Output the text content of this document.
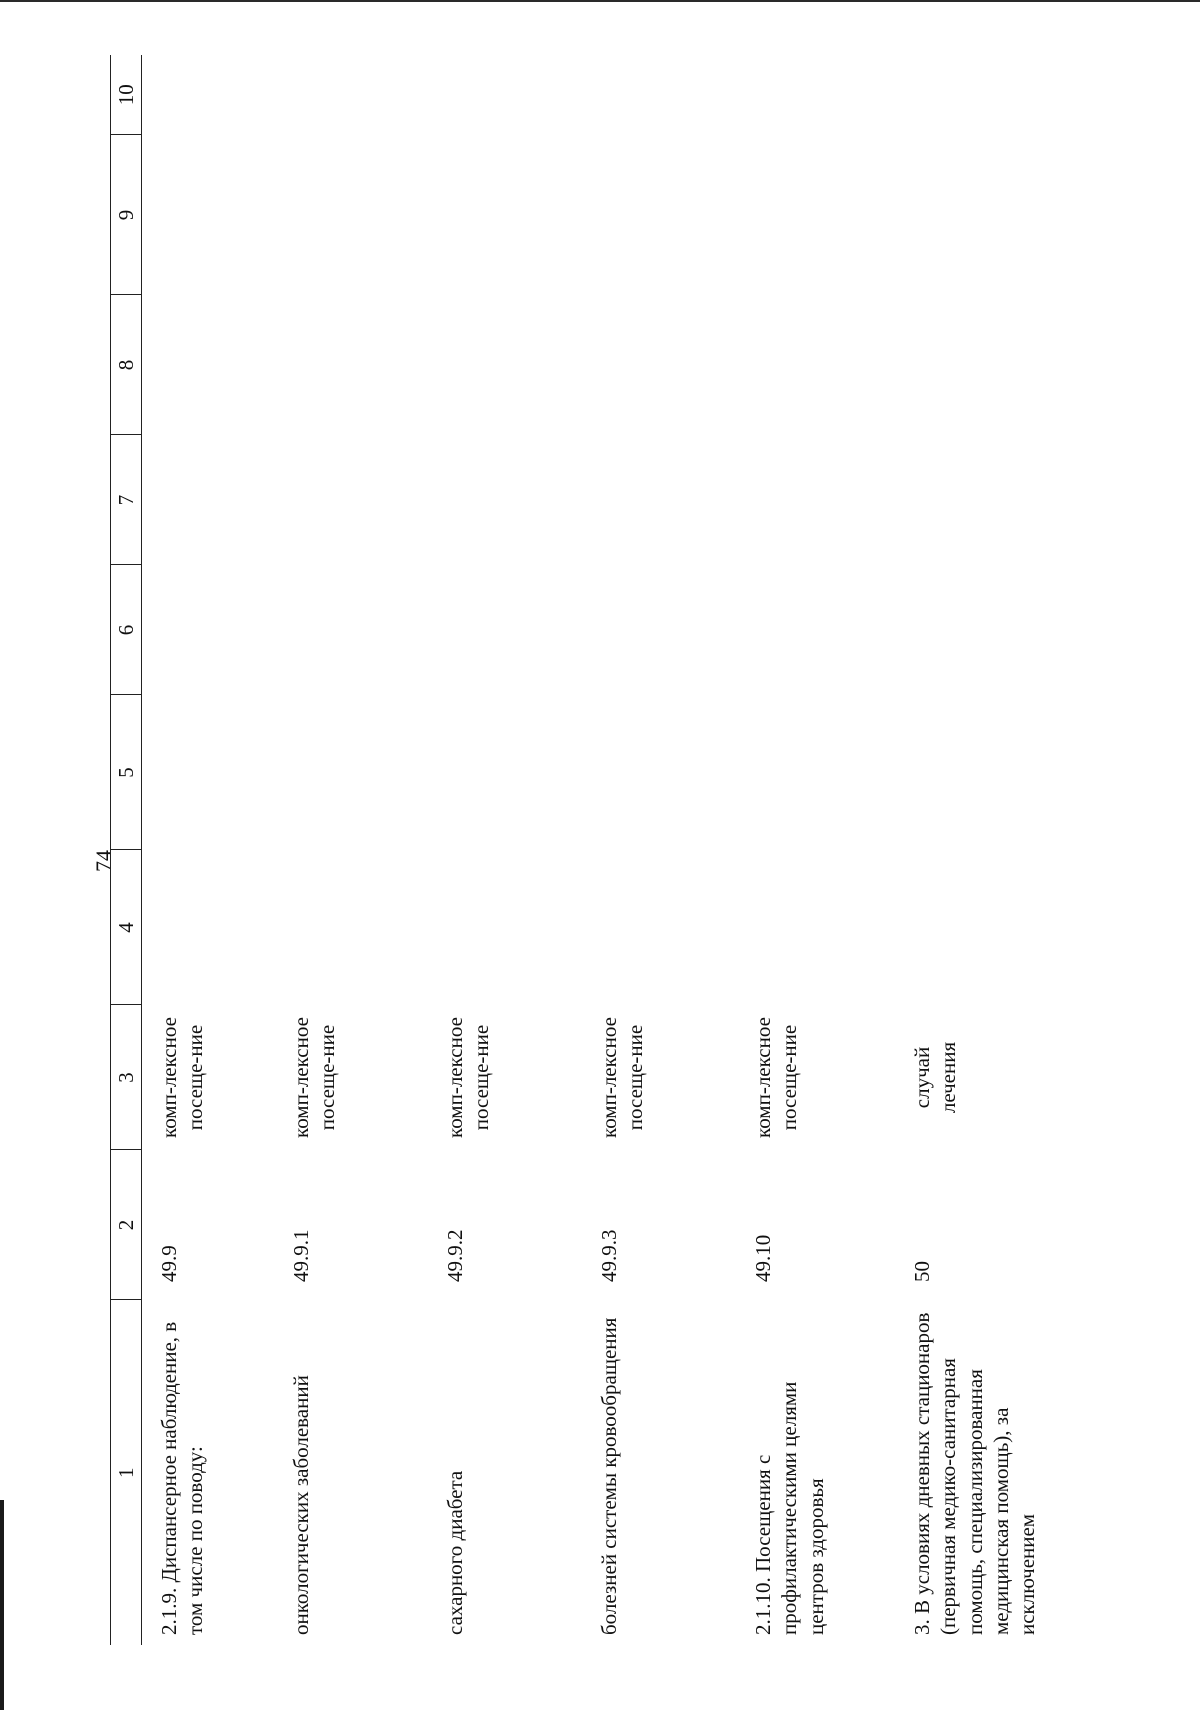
74
1	2	3	4	5	6	7	8	9	10
2.1.9. Диспансерное наблюдение, в том числе по поводу:	49.9	комп-лексное посеще-ние							
онкологических заболеваний	49.9.1	комп-лексное посеще-ние							
сахарного диабета	49.9.2	комп-лексное посеще-ние							
болезней системы кровообращения	49.9.3	комп-лексное посеще-ние							
2.1.10. Посещения с профилактическими целями центров здоровья	49.10	комп-лексное посеще-ние							
3. В условиях дневных стационаров (первичная медико-санитарная помощь, специализированная медицинская помощь), за исключением	50	случай лечения							
